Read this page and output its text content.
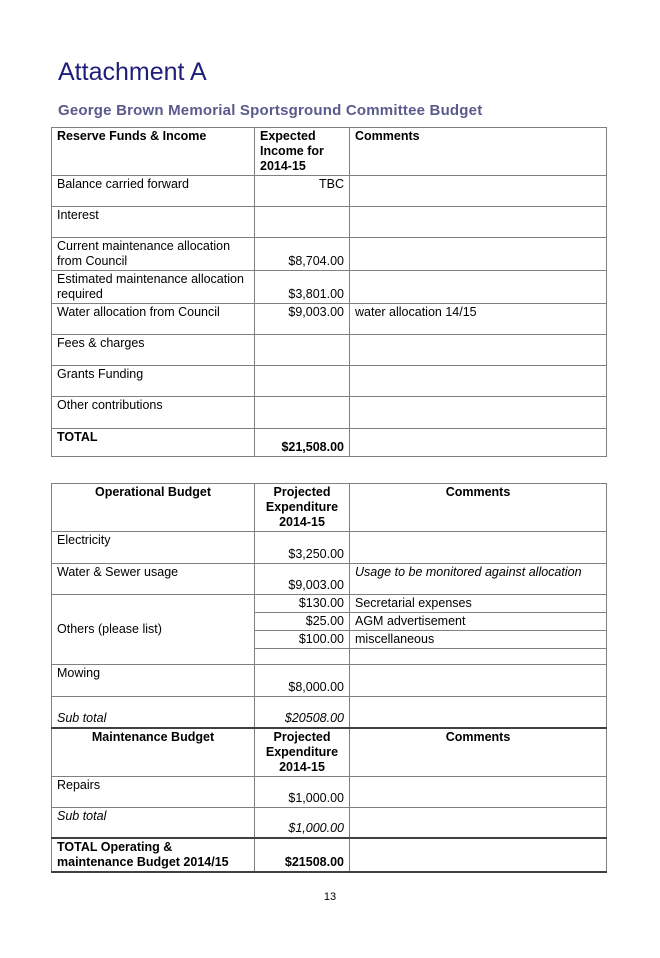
Attachment A
George Brown Memorial Sportsground Committee Budget
Reserve Funds & Income	Expected Income for 2014-15	Comments
Balance carried forward	TBC	
Interest		
Current maintenance allocation from Council	$8,704.00	
Estimated maintenance allocation required	$3,801.00	
Water allocation from Council	$9,003.00	water allocation 14/15
Fees & charges		
Grants Funding		
Other contributions		
TOTAL	$21,508.00	
Operational Budget	Projected Expenditure 2014-15	Comments
Electricity	$3,250.00	
Water & Sewer usage	$9,003.00	Usage to be monitored against allocation
Others (please list)	$130.00	Secretarial expenses
	$25.00	AGM advertisement
	$100.00	miscellaneous

Mowing	$8,000.00	
Sub total	$20508.00	
Maintenance Budget	Projected Expenditure 2014-15	Comments
Repairs	$1,000.00	
Sub total	$1,000.00	
TOTAL Operating & maintenance Budget 2014/15	$21508.00	
13
